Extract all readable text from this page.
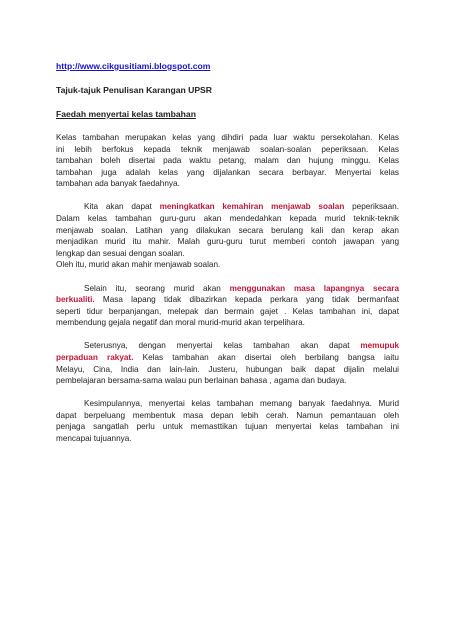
http://www.cikgusitiami.blogspot.com
Tajuk-tajuk Penulisan Karangan UPSR
Faedah menyertai kelas tambahan

Kelas tambahan merupakan kelas yang dihdiri pada luar waktu persekolahan. Kelas
ini lebih berfokus kepada teknik menjawab soalan-soalan peperiksaan. Kelas
tambahan boleh disertai pada waktu petang, malam dan hujung minggu. Kelas
tambahan juga adalah kelas yang dijalankan secara berbayar. Menyertai kelas
tambahan ada banyak faedahnya.

Kita akan dapat meningkatkan kemahiran menjawab soalan peperiksaan.
Dalam kelas tambahan guru-guru akan mendedahkan kepada murid teknik-teknik
menjawab soalan. Latihan yang dilakukan secara berulang kali dan kerap akan
menjadikan murid itu mahir. Malah guru-guru turut memberi contoh jawapan yang
lengkap dan sesuai dengan soalan.
Oleh itu, murid akan mahir menjawab soalan.

Selain itu, seorang murid akan menggunakan masa lapangnya secara
berkualiti. Masa lapang tidak dibazirkan kepada perkara yang tidak bermanfaat
seperti tidur berpanjangan, melepak dan bermain gajet . Kelas tambahan ini, dapat
membendung gejala negatif dan moral murid-murid akan terpelihara.

Seterusnya, dengan menyertai kelas tambahan akan dapat memupuk
perpaduan rakyat. Kelas tambahan akan disertai oleh berbilang bangsa iaitu
Melayu, Cina, India dan lain-lain. Justeru, hubungan baik dapat dijalin melalui
pembelajaran bersama-sama walau pun berlainan bahasa , agama dan budaya.

Kesimpulannya, menyertai kelas tambahan memang banyak faedahnya. Murid
dapat berpeluang membentuk masa depan lebih cerah. Namun pemantauan oleh
penjaga sangatlah perlu untuk memasttikan tujuan menyertai kelas tambahan ini
mencapai tujuannya.
